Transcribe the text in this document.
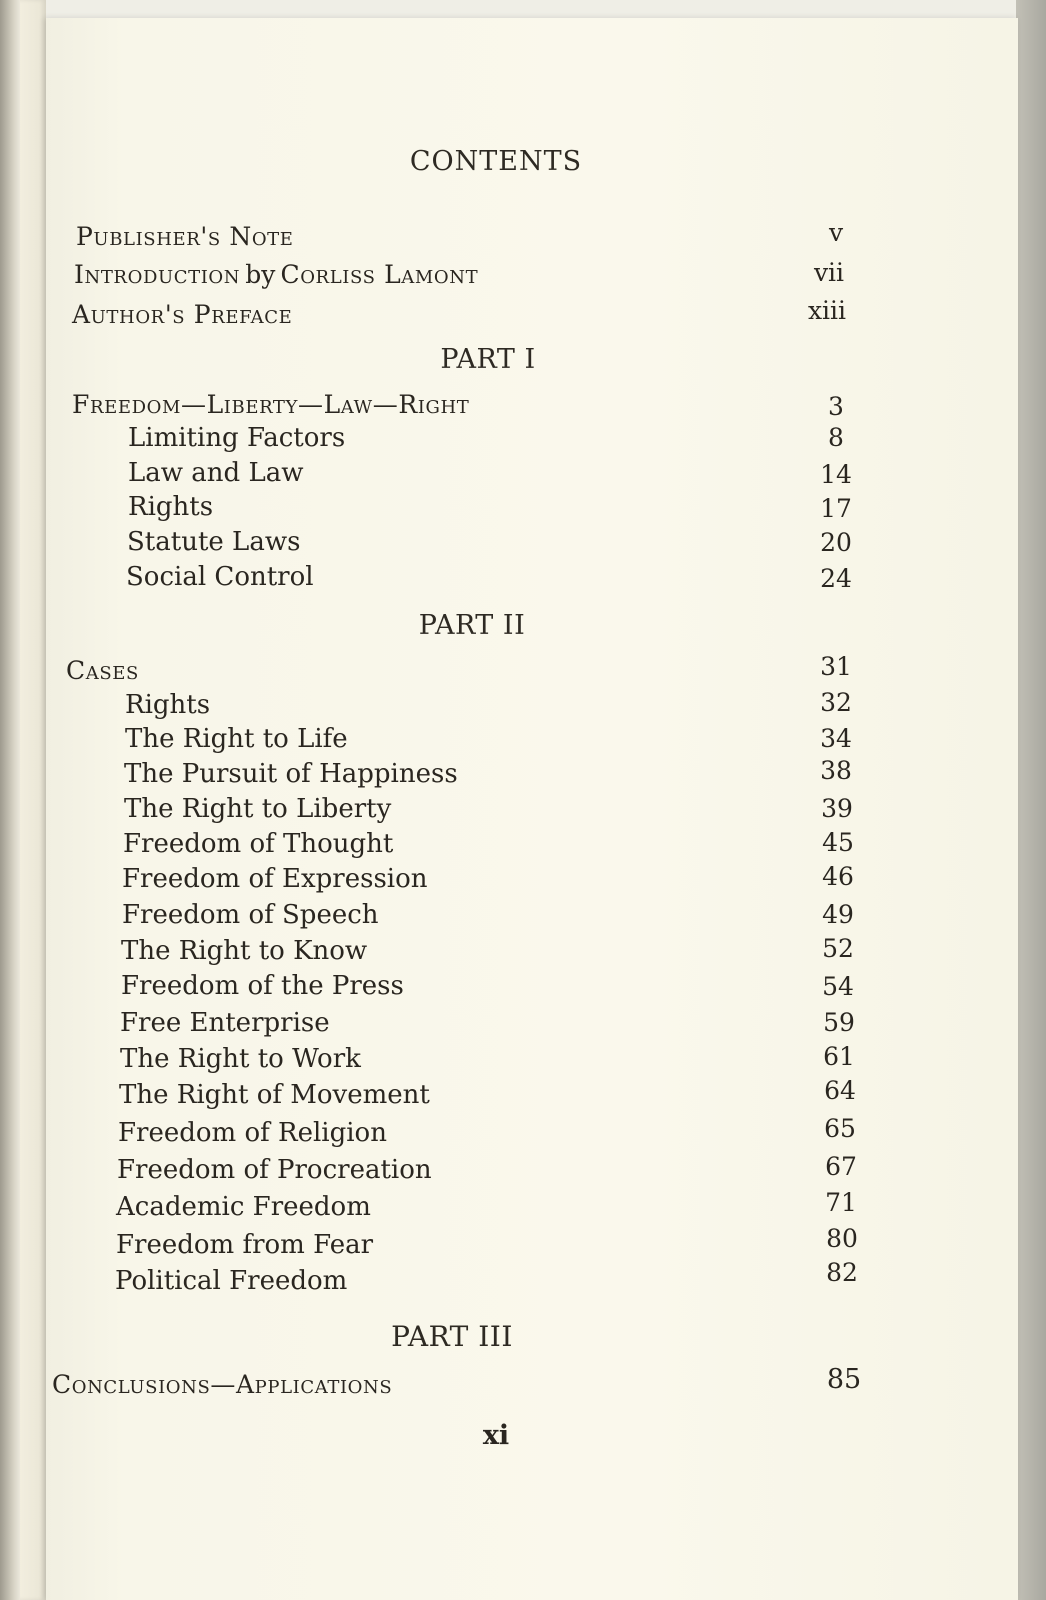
CONTENTS
Publisher's Note	v
Introduction by Corliss Lamont	vii
Author's Preface	xiii
PART I
Freedom—Liberty—Law—Right	3
Limiting Factors	8
Law and Law	14
Rights	17
Statute Laws	20
Social Control	24
PART II
Cases	31
Rights	32
The Right to Life	34
The Pursuit of Happiness	38
The Right to Liberty	39
Freedom of Thought	45
Freedom of Expression	46
Freedom of Speech	49
The Right to Know	52
Freedom of the Press	54
Free Enterprise	59
The Right to Work	61
The Right of Movement	64
Freedom of Religion	65
Freedom of Procreation	67
Academic Freedom	71
Freedom from Fear	80
Political Freedom	82
PART III
Conclusions—Applications	85
xi
